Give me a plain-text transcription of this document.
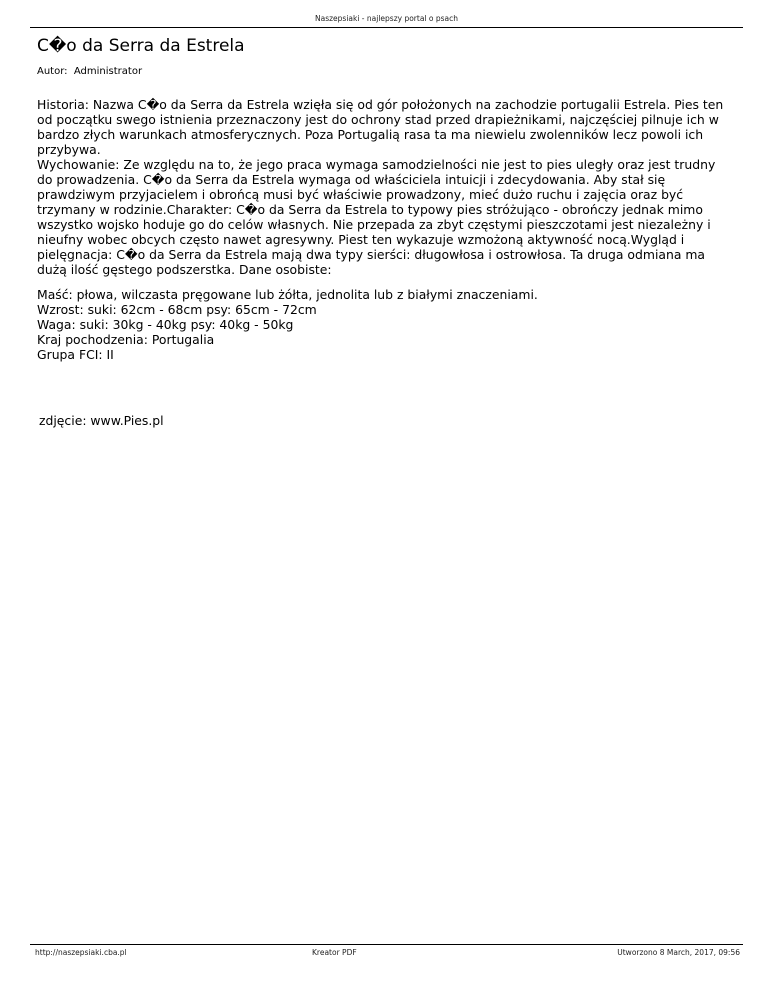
Naszepsiaki - najlepszy portal o psach
C�o da Serra da Estrela
Autor: Administrator

Historia: Nazwa C�o da Serra da Estrela wzięła się od gór położonych na zachodzie portugalii Estrela. Pies ten od początku swego istnienia przeznaczony jest do ochrony stad przed drapieżnikami, najczęściej pilnuje ich w bardzo złych warunkach atmosferycznych. Poza Portugalią rasa ta ma niewielu zwolenników lecz powoli ich przybywa.

Wychowanie: Ze względu na to, że jego praca wymaga samodzielności nie jest to pies uległy oraz jest trudny do prowadzenia. C�o da Serra da Estrela wymaga od właściciela intuicji i zdecydowania. Aby stał się prawdziwym przyjacielem i obrońcą musi być właściwie prowadzony, mieć dużo ruchu i zajęcia oraz być trzymany w rodzinie.Charakter: C�o da Serra da Estrela to typowy pies stróżująco - obrończy jednak mimo wszystko wojsko hoduje go do celów własnych. Nie przepada za zbyt częstymi pieszczotami jest niezależny i nieufny wobec obcych często nawet agresywny. Piest ten wykazuje wzmożoną aktywność nocą.Wygląd i pielęgnacja: C�o da Serra da Estrela mają dwa typy sierści: długowłosa i ostrowłosa. Ta druga odmiana ma dużą ilość gęstego podszerstka. Dane osobiste:

Maść: płowa, wilczasta pręgowane lub żółta, jednolita lub z białymi znaczeniami.

Wzrost: suki: 62cm - 68cm psy: 65cm - 72cm

Waga: suki: 30kg - 40kg psy: 40kg - 50kg

Kraj pochodzenia: Portugalia

Grupa FCI: II

zdjęcie: www.Pies.pl
http://naszepsiaki.cba.pl	Kreator PDF	Utworzono 8 March, 2017, 09:56
